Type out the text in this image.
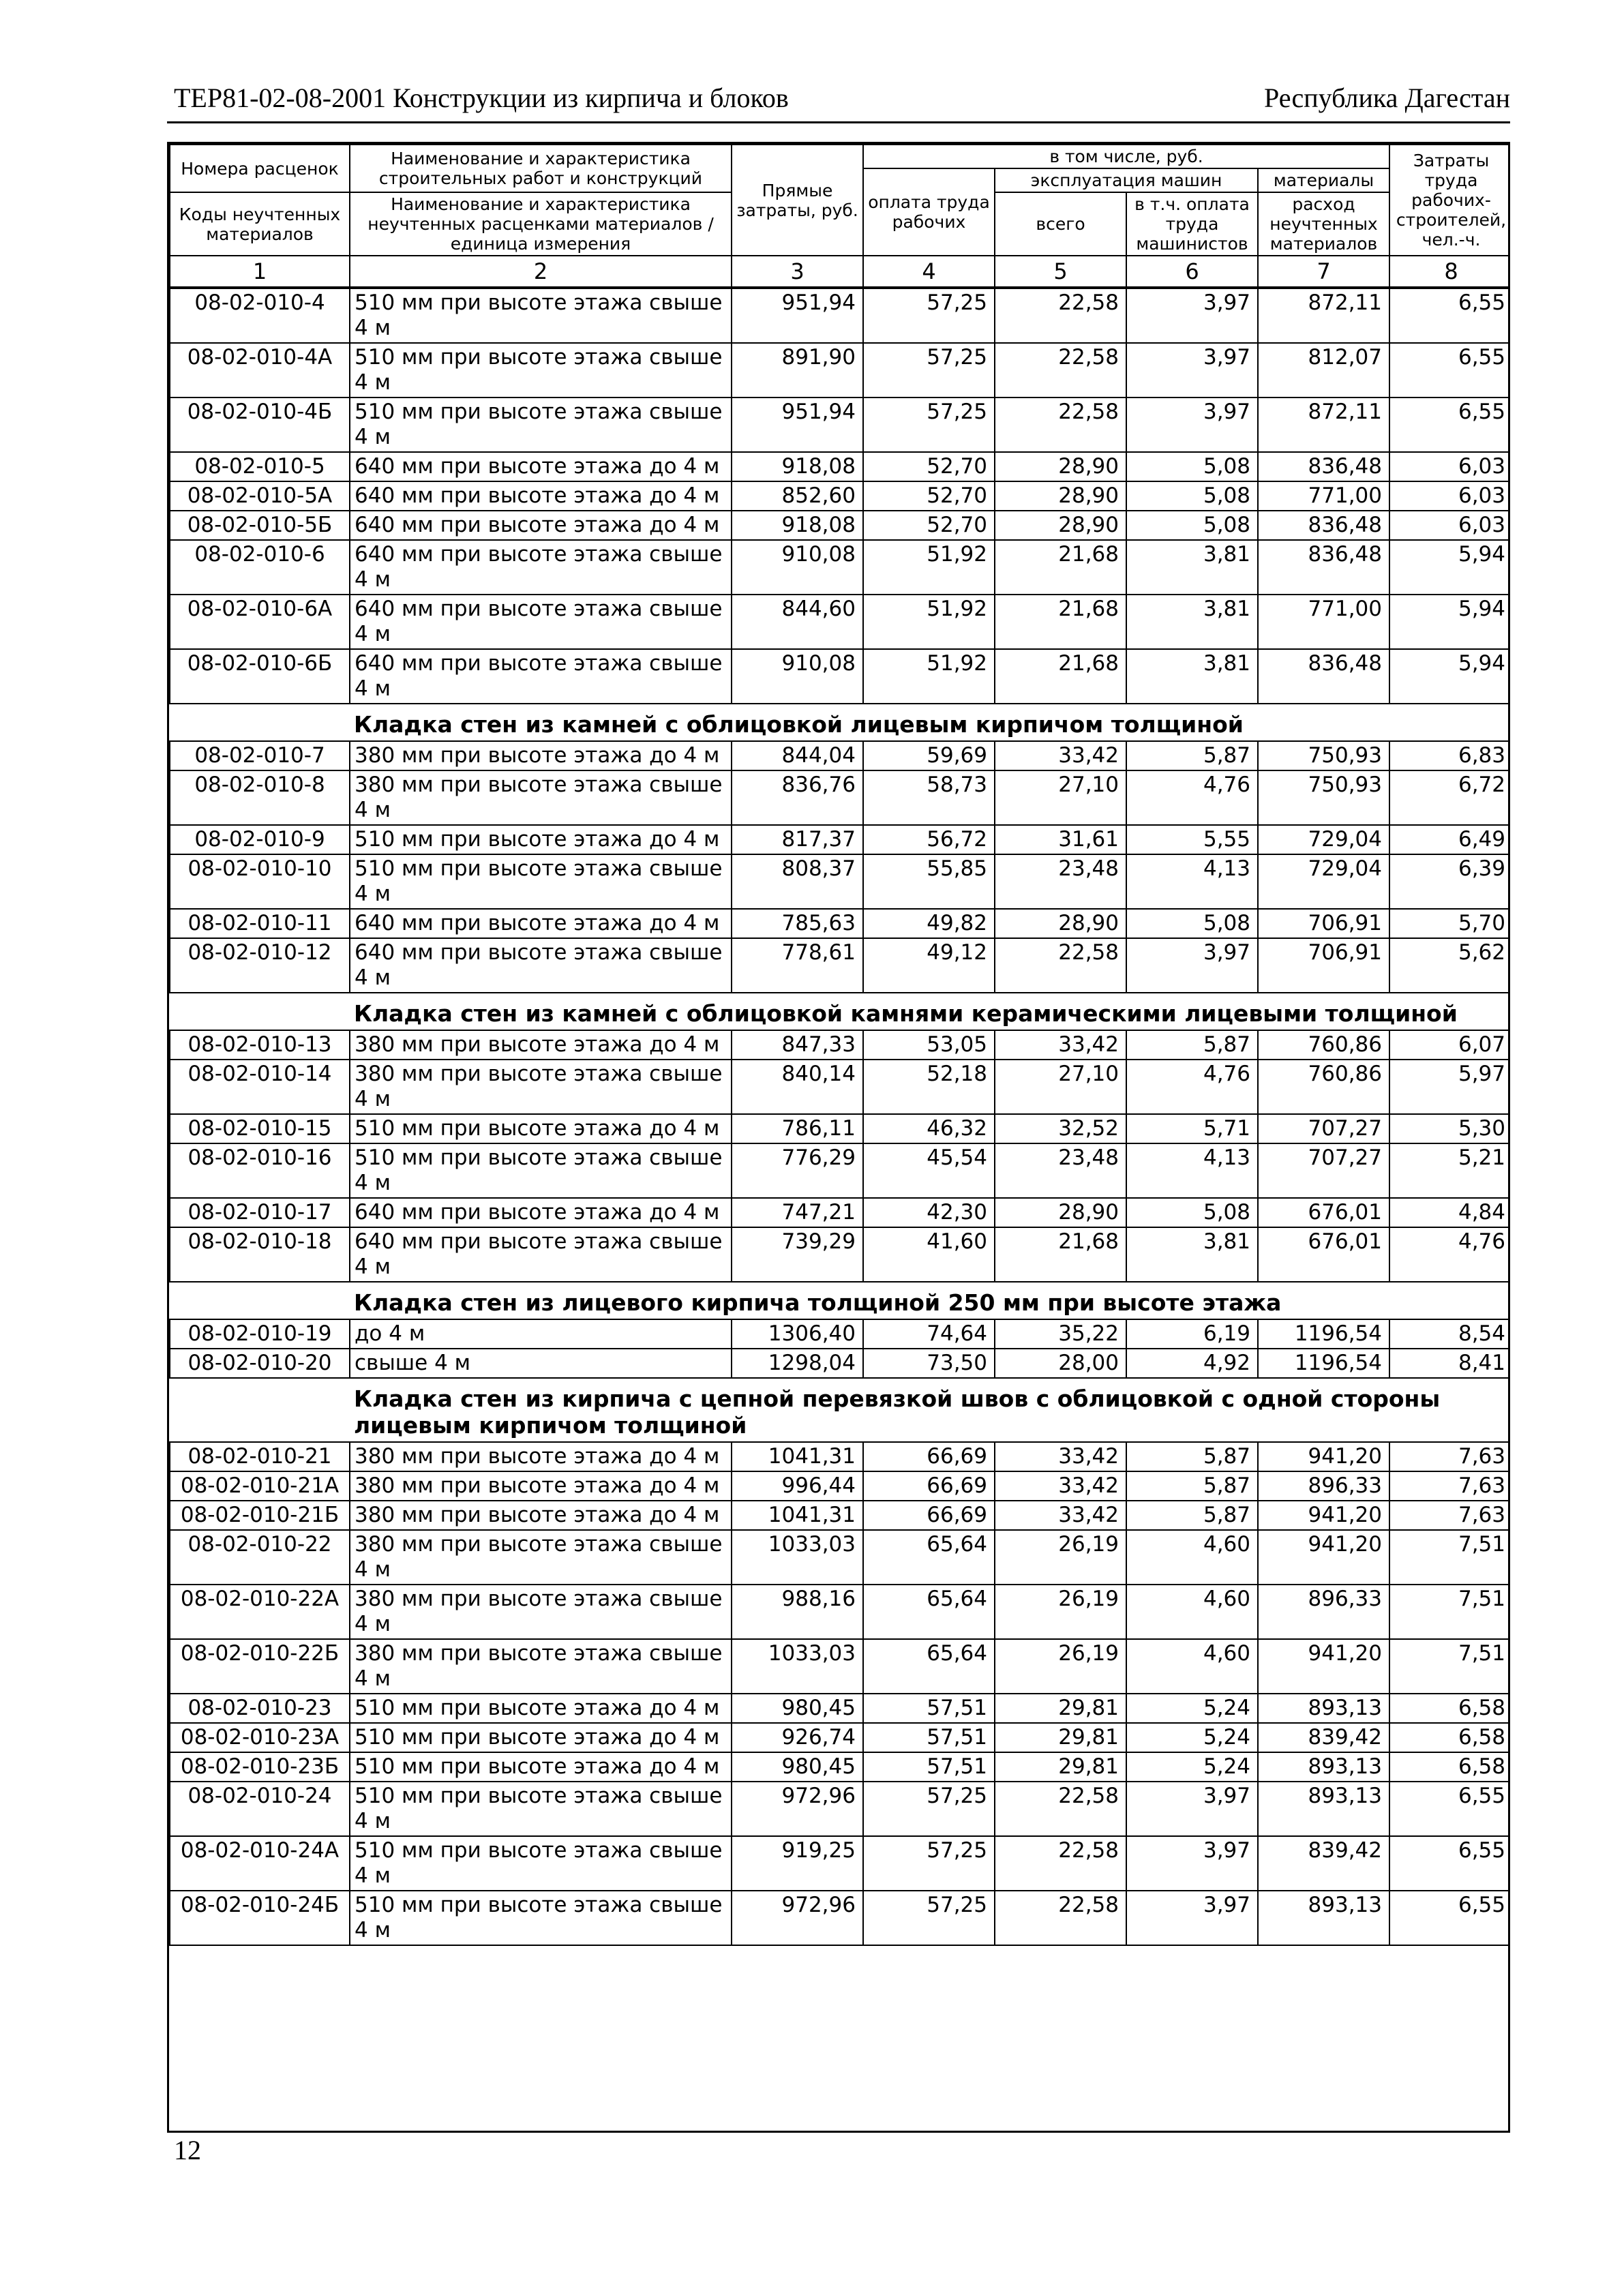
ТЕР81-02-08-2001 Конструкции из кирпича и блоков	Республика Дагестан
Номера расценок	Наименование и характеристика строительных работ и конструкций	Прямые затраты, руб.	в том числе, руб.				Затраты труда рабочих-строителей, чел.-ч.
			оплата труда рабочих	эксплуатация машин		материалы	
Коды неучтенных материалов	Наименование и характеристика неучтенных расценками материалов / единица измерения			всего	в т.ч. оплата труда машинистов	расход неучтенных материалов	

1	2	3	4	5	6	7	8
08-02-010-4	510 мм при высоте этажа свыше 4 м	951,94	57,25	22,58	3,97	872,11	6,55
08-02-010-4А	510 мм при высоте этажа свыше 4 м	891,90	57,25	22,58	3,97	812,07	6,55
08-02-010-4Б	510 мм при высоте этажа свыше 4 м	951,94	57,25	22,58	3,97	872,11	6,55
08-02-010-5	640 мм при высоте этажа до 4 м	918,08	52,70	28,90	5,08	836,48	6,03
08-02-010-5А	640 мм при высоте этажа до 4 м	852,60	52,70	28,90	5,08	771,00	6,03
08-02-010-5Б	640 мм при высоте этажа до 4 м	918,08	52,70	28,90	5,08	836,48	6,03
08-02-010-6	640 мм при высоте этажа свыше 4 м	910,08	51,92	21,68	3,81	836,48	5,94
08-02-010-6А	640 мм при высоте этажа свыше 4 м	844,60	51,92	21,68	3,81	771,00	5,94
08-02-010-6Б	640 мм при высоте этажа свыше 4 м	910,08	51,92	21,68	3,81	836,48	5,94
	Кладка стен из камней с облицовкой лицевым кирпичом толщиной						
08-02-010-7	380 мм при высоте этажа до 4 м	844,04	59,69	33,42	5,87	750,93	6,83
08-02-010-8	380 мм при высоте этажа свыше 4 м	836,76	58,73	27,10	4,76	750,93	6,72
08-02-010-9	510 мм при высоте этажа до 4 м	817,37	56,72	31,61	5,55	729,04	6,49
08-02-010-10	510 мм при высоте этажа свыше 4 м	808,37	55,85	23,48	4,13	729,04	6,39
08-02-010-11	640 мм при высоте этажа до 4 м	785,63	49,82	28,90	5,08	706,91	5,70
08-02-010-12	640 мм при высоте этажа свыше 4 м	778,61	49,12	22,58	3,97	706,91	5,62
	Кладка стен из камней с облицовкой камнями керамическими лицевыми толщиной						
08-02-010-13	380 мм при высоте этажа до 4 м	847,33	53,05	33,42	5,87	760,86	6,07
08-02-010-14	380 мм при высоте этажа свыше 4 м	840,14	52,18	27,10	4,76	760,86	5,97
08-02-010-15	510 мм при высоте этажа до 4 м	786,11	46,32	32,52	5,71	707,27	5,30
08-02-010-16	510 мм при высоте этажа свыше 4 м	776,29	45,54	23,48	4,13	707,27	5,21
08-02-010-17	640 мм при высоте этажа до 4 м	747,21	42,30	28,90	5,08	676,01	4,84
08-02-010-18	640 мм при высоте этажа свыше 4 м	739,29	41,60	21,68	3,81	676,01	4,76
	Кладка стен из лицевого кирпича толщиной 250 мм при высоте этажа						
08-02-010-19	до 4 м	1306,40	74,64	35,22	6,19	1196,54	8,54
08-02-010-20	свыше 4 м	1298,04	73,50	28,00	4,92	1196,54	8,41
	Кладка стен из кирпича с цепной перевязкой швов с облицовкой с одной стороны лицевым кирпичом толщиной						
08-02-010-21	380 мм при высоте этажа до 4 м	1041,31	66,69	33,42	5,87	941,20	7,63
08-02-010-21А	380 мм при высоте этажа до 4 м	996,44	66,69	33,42	5,87	896,33	7,63
08-02-010-21Б	380 мм при высоте этажа до 4 м	1041,31	66,69	33,42	5,87	941,20	7,63
08-02-010-22	380 мм при высоте этажа свыше 4 м	1033,03	65,64	26,19	4,60	941,20	7,51
08-02-010-22А	380 мм при высоте этажа свыше 4 м	988,16	65,64	26,19	4,60	896,33	7,51
08-02-010-22Б	380 мм при высоте этажа свыше 4 м	1033,03	65,64	26,19	4,60	941,20	7,51
08-02-010-23	510 мм при высоте этажа до 4 м	980,45	57,51	29,81	5,24	893,13	6,58
08-02-010-23А	510 мм при высоте этажа до 4 м	926,74	57,51	29,81	5,24	839,42	6,58
08-02-010-23Б	510 мм при высоте этажа до 4 м	980,45	57,51	29,81	5,24	893,13	6,58
08-02-010-24	510 мм при высоте этажа свыше 4 м	972,96	57,25	22,58	3,97	893,13	6,55
08-02-010-24А	510 мм при высоте этажа свыше 4 м	919,25	57,25	22,58	3,97	839,42	6,55
08-02-010-24Б	510 мм при высоте этажа свыше 4 м	972,96	57,25	22,58	3,97	893,13	6,55
12
